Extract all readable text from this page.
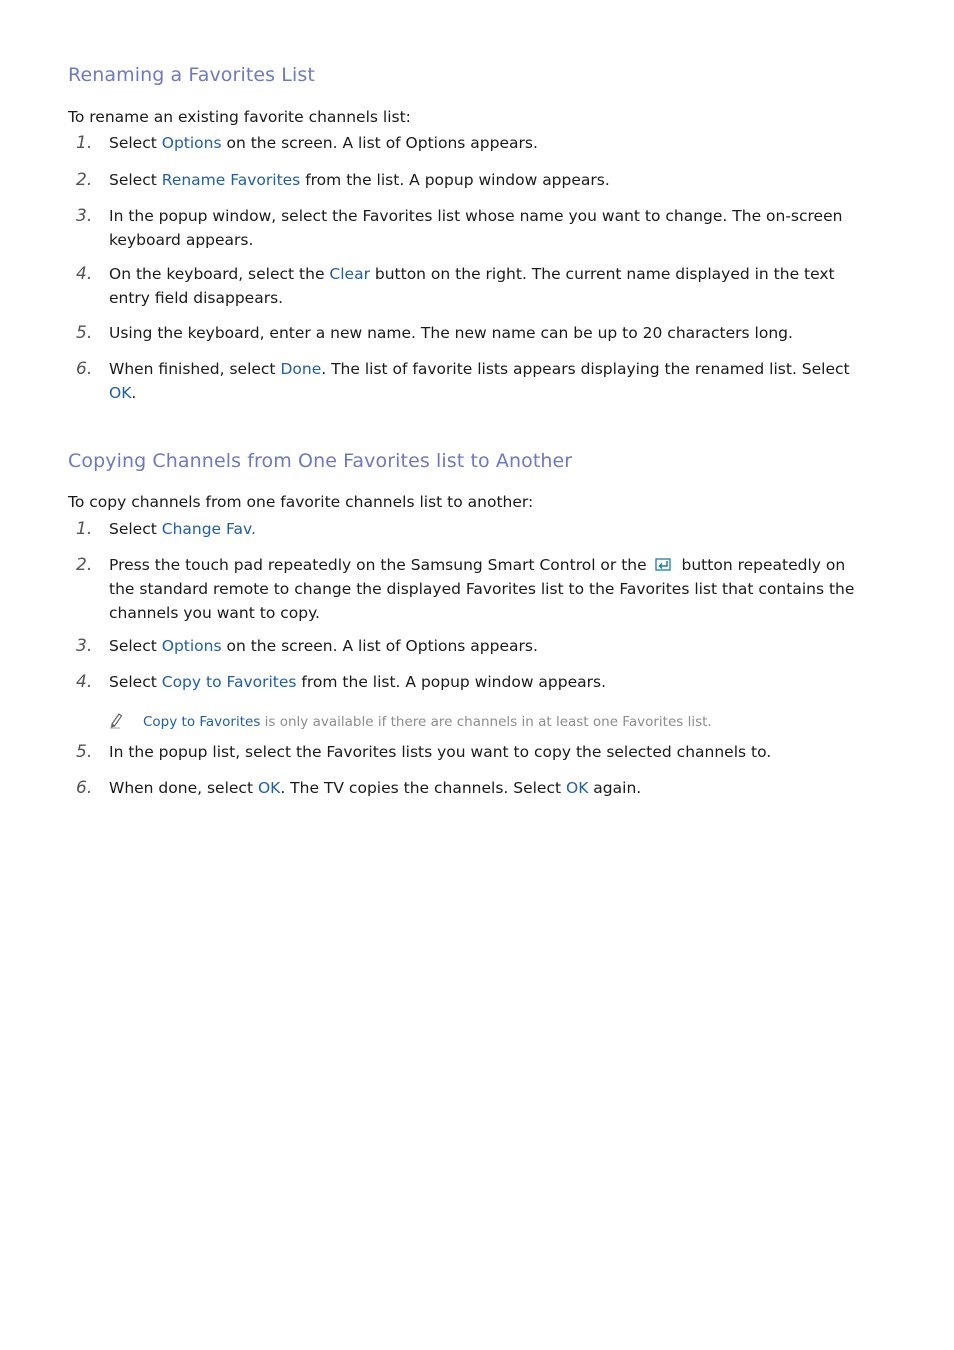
Renaming a Favorites List

To rename an existing favorite channels list:

1.	Select Options on the screen. A list of Options appears.
2.	Select Rename Favorites from the list. A popup window appears.
3.	In the popup window, select the Favorites list whose name you want to change. The on-screen keyboard appears.
4.	On the keyboard, select the Clear button on the right. The current name displayed in the text entry field disappears.
5.	Using the keyboard, enter a new name. The new name can be up to 20 characters long.
6.	When finished, select Done. The list of favorite lists appears displaying the renamed list. Select OK.
Copying Channels from One Favorites list to Another

To copy channels from one favorite channels list to another:

1.	Select Change Fav.
2.	Press the touch pad repeatedly on the Samsung Smart Control or the  button repeatedly on the standard remote to change the displayed Favorites list to the Favorites list that contains the channels you want to copy.
3.	Select Options on the screen. A list of Options appears.
4.	Select Copy to Favorites from the list. A popup window appears.
Copy to Favorites is only available if there are channels in at least one Favorites list.
5.	In the popup list, select the Favorites lists you want to copy the selected channels to.
6.	When done, select OK. The TV copies the channels. Select OK again.
